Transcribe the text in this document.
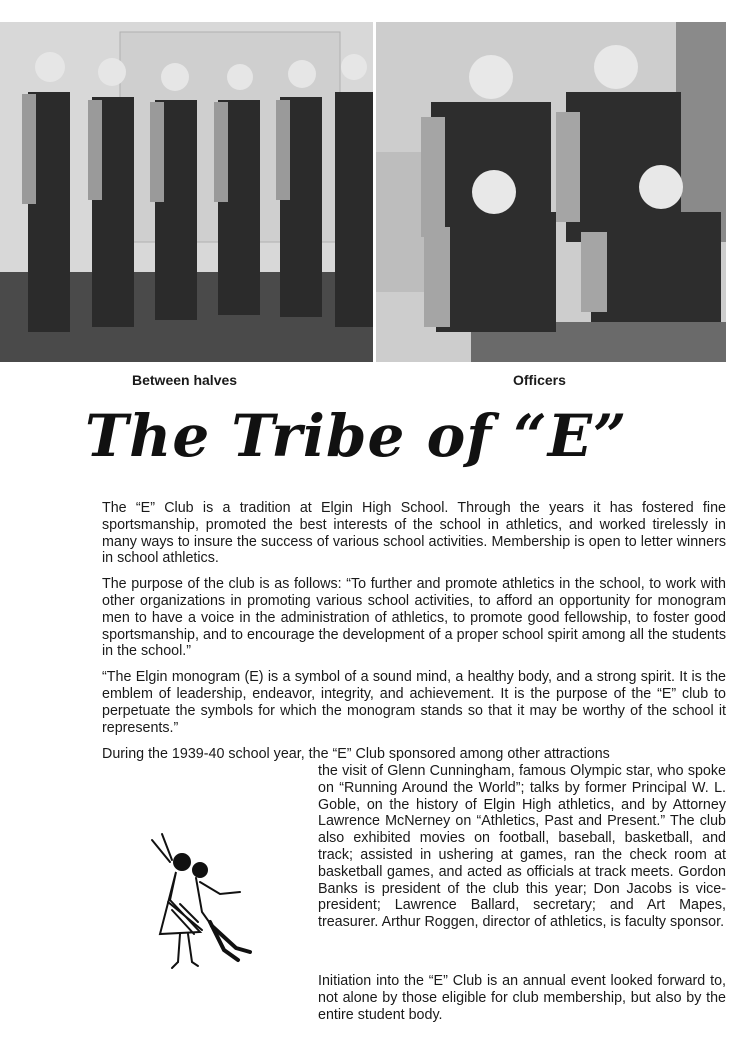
Between halves	Officers
The Tribe of “E”

The “E” Club is a tradition at Elgin High School. Through the years it has fostered fine sportsmanship, promoted the best interests of the school in athletics, and worked tirelessly in many ways to insure the success of various school activities. Membership is open to letter winners in school athletics.

The purpose of the club is as follows: “To further and promote athletics in the school, to work with other organizations in promoting various school activities, to afford an opportunity for monogram men to have a voice in the administration of athletics, to promote good fellowship, to foster good sportsmanship, and to encourage the development of a proper school spirit among all the students in the school.”

“The Elgin monogram (E) is a symbol of a sound mind, a healthy body, and a strong spirit. It is the emblem of leadership, endeavor, integrity, and achievement. It is the purpose of the “E” club to perpetuate the symbols for which the monogram stands so that it may be worthy of the school it represents.”

During the 1939-40 school year, the “E” Club sponsored among other attractions
the visit of Glenn Cunningham, famous Olympic star, who spoke on “Running Around the World”; talks by former Principal W. L. Goble, on the history of Elgin High athletics, and by Attorney Lawrence McNerney on “Athletics, Past and Present.” The club also exhibited movies on football, baseball, basketball, and track; assisted in ushering at games, ran the check room at basketball games, and acted as officials at track meets. Gordon Banks is president of the club this year; Don Jacobs is vice-president; Lawrence Ballard, secretary; and Art Mapes, treasurer. Arthur Roggen, director of athletics, is faculty sponsor.

Initiation into the “E” Club is an annual event looked forward to, not alone by those eligible for club membership, but also by the entire student body.
